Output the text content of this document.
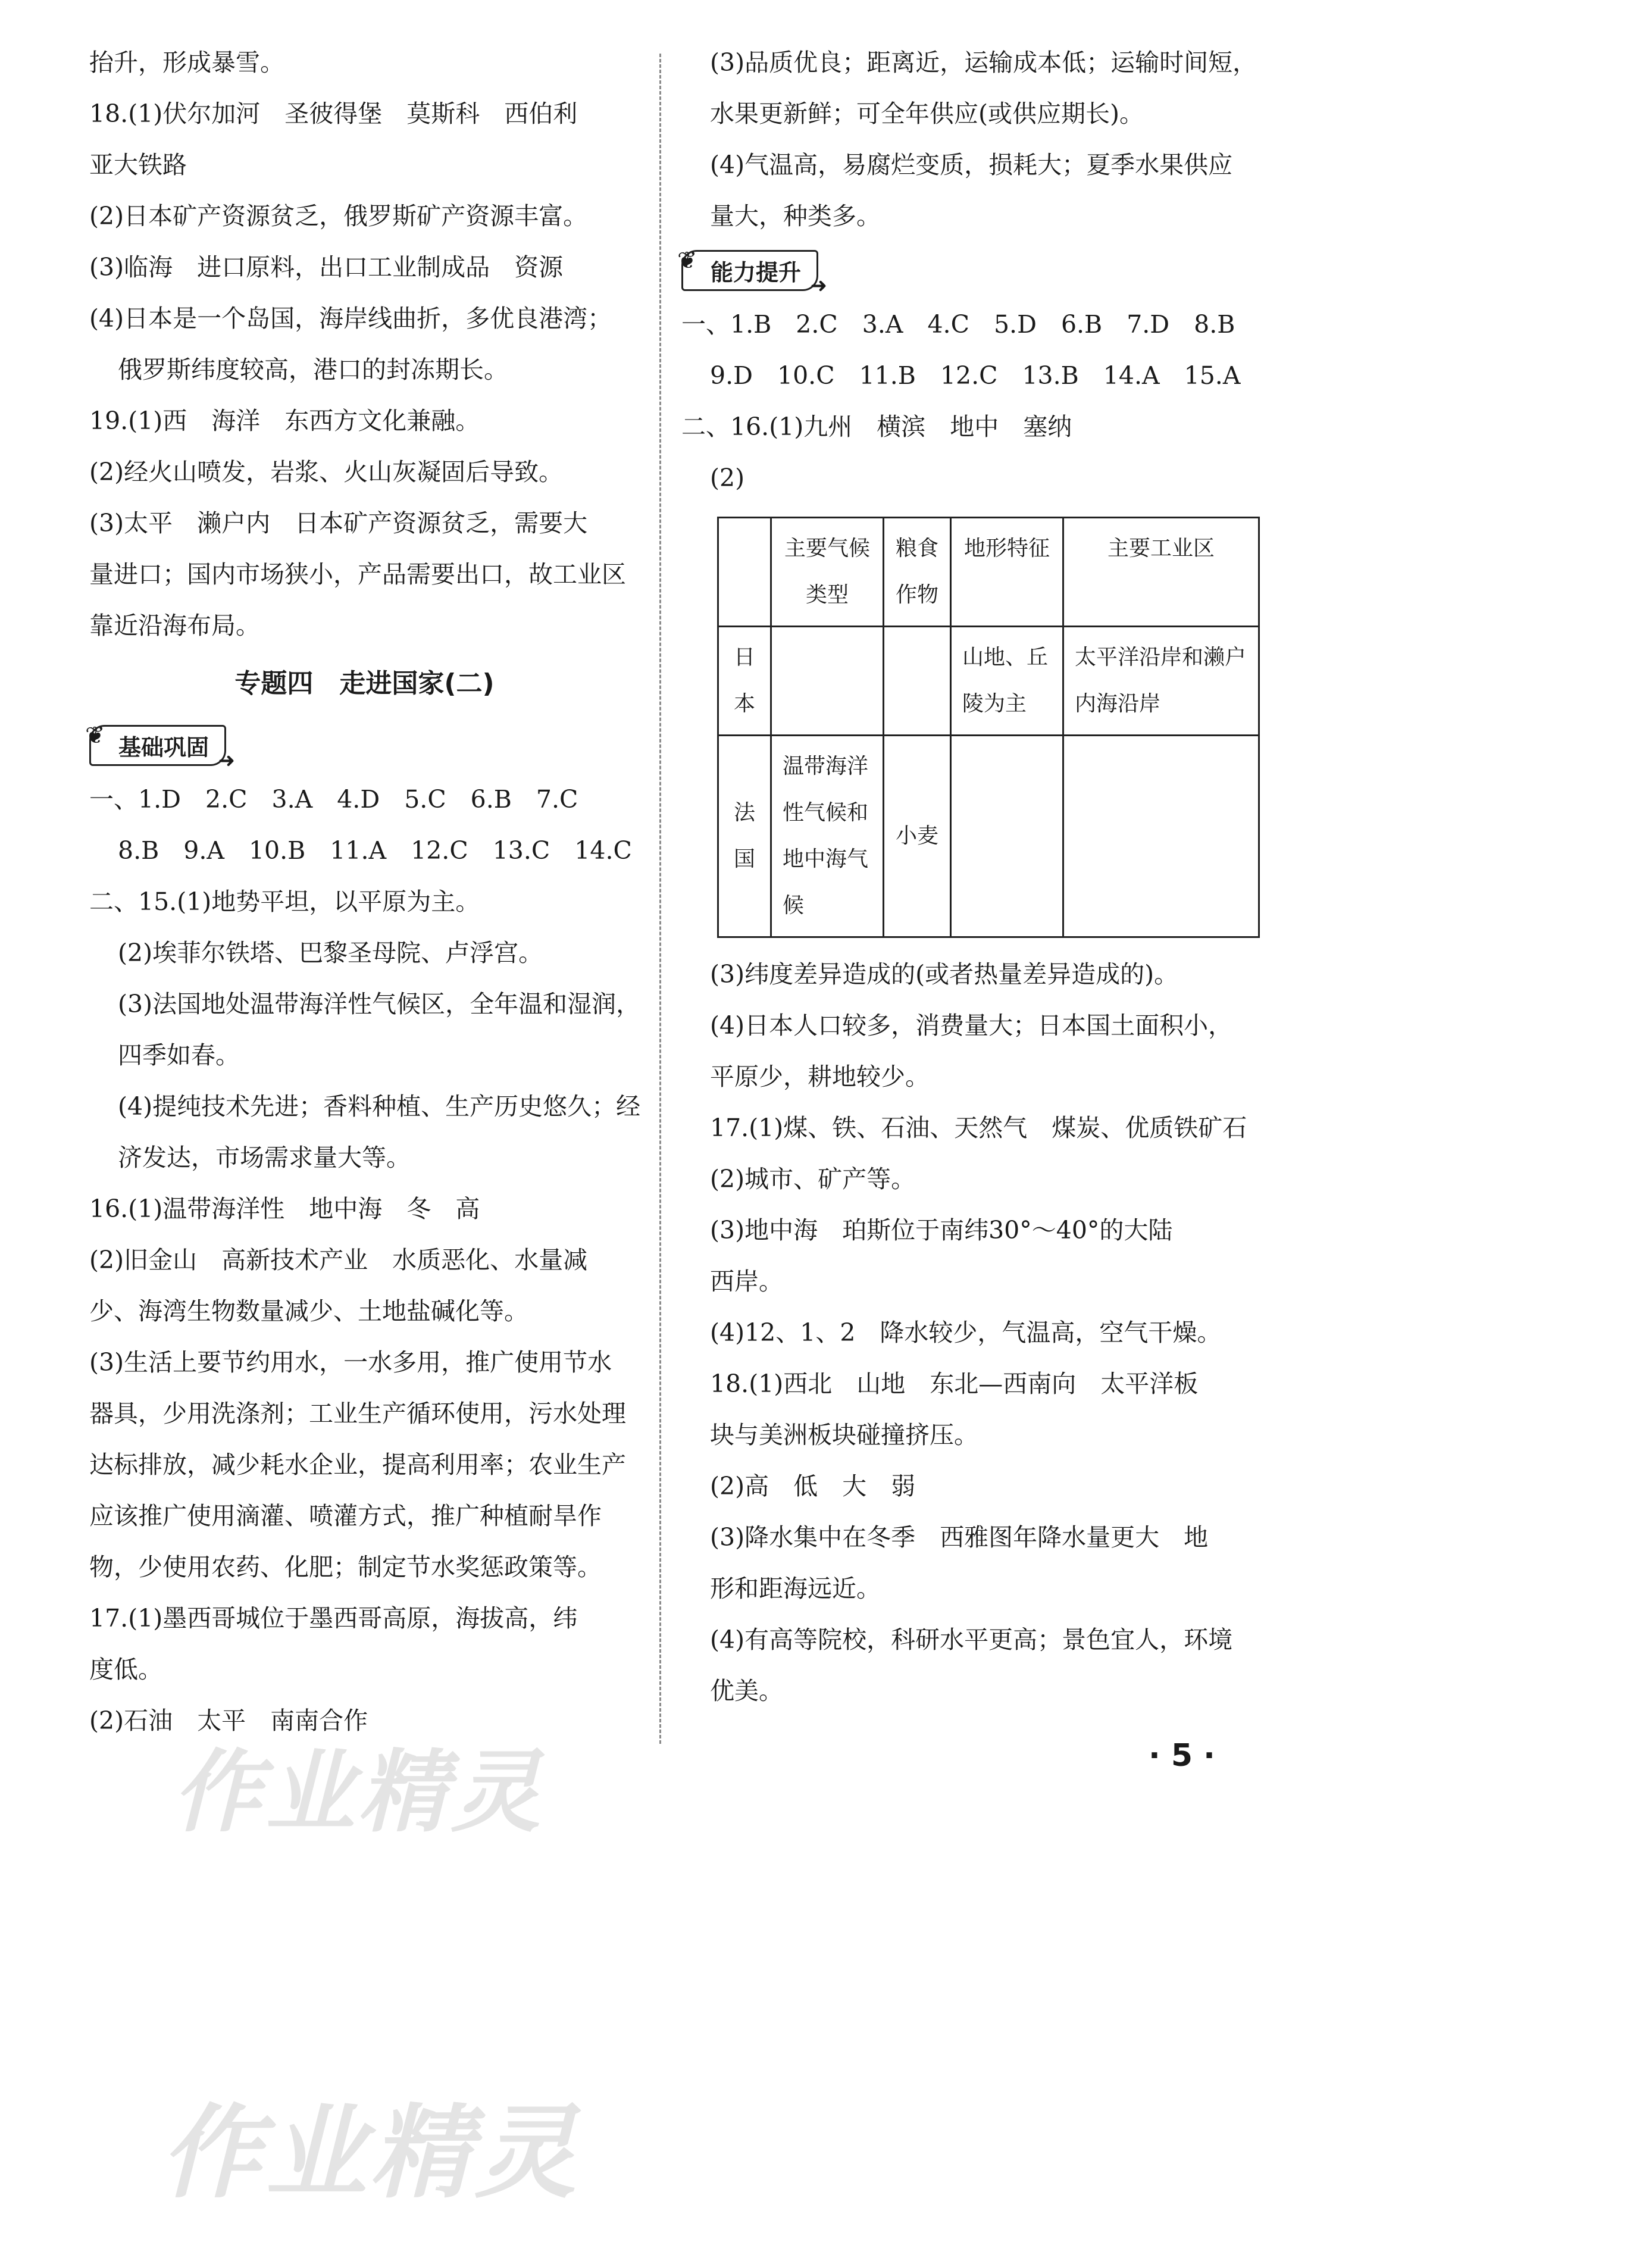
抬升，形成暴雪。
18.(1)伏尔加河　圣彼得堡　莫斯科　西伯利
亚大铁路
(2)日本矿产资源贫乏，俄罗斯矿产资源丰富。
(3)临海　进口原料，出口工业制成品　资源
(4)日本是一个岛国，海岸线曲折，多优良港湾；
俄罗斯纬度较高，港口的封冻期长。
19.(1)西　海洋　东西方文化兼融。
(2)经火山喷发，岩浆、火山灰凝固后导致。
(3)太平　濑户内　日本矿产资源贫乏，需要大
量进口；国内市场狭小，产品需要出口，故工业区
靠近沿海布局。
专题四　走进国家(二)
❦ 基础巩固 ➜
一、1.D　2.C　3.A　4.D　5.C　6.B　7.C
8.B　9.A　10.B　11.A　12.C　13.C　14.C
二、15.(1)地势平坦，以平原为主。
(2)埃菲尔铁塔、巴黎圣母院、卢浮宫。
(3)法国地处温带海洋性气候区，全年温和湿润，
四季如春。
(4)提纯技术先进；香料种植、生产历史悠久；经
济发达，市场需求量大等。
16.(1)温带海洋性　地中海　冬　高
(2)旧金山　高新技术产业　水质恶化、水量减
少、海湾生物数量减少、土地盐碱化等。
(3)生活上要节约用水，一水多用，推广使用节水
器具，少用洗涤剂；工业生产循环使用，污水处理
达标排放，减少耗水企业，提高利用率；农业生产
应该推广使用滴灌、喷灌方式，推广种植耐旱作
物，少使用农药、化肥；制定节水奖惩政策等。
17.(1)墨西哥城位于墨西哥高原，海拔高，纬
度低。
(2)石油　太平　南南合作
(3)品质优良；距离近，运输成本低；运输时间短，
水果更新鲜；可全年供应(或供应期长)。
(4)气温高，易腐烂变质，损耗大；夏季水果供应
量大，种类多。
❦ 能力提升 ➜
一、1.B　2.C　3.A　4.C　5.D　6.B　7.D　8.B
9.D　10.C　11.B　12.C　13.B　14.A　15.A
二、16.(1)九州　横滨　地中　塞纳
(2)
	主要气候类型	粮食作物	地形特征	主要工业区
日本			山地、丘陵为主	太平洋沿岸和濑户内海沿岸
法国	温带海洋性气候和地中海气候	小麦		
(3)纬度差异造成的(或者热量差异造成的)。
(4)日本人口较多，消费量大；日本国土面积小，
平原少，耕地较少。
17.(1)煤、铁、石油、天然气　煤炭、优质铁矿石
(2)城市、矿产等。
(3)地中海　珀斯位于南纬30°～40°的大陆
西岸。
(4)12、1、2　降水较少，气温高，空气干燥。
18.(1)西北　山地　东北—西南向　太平洋板
块与美洲板块碰撞挤压。
(2)高　低　大　弱
(3)降水集中在冬季　西雅图年降水量更大　地
形和距海远近。
(4)有高等院校，科研水平更高；景色宜人，环境
优美。
· 5 ·
作业精灵
作业精灵
